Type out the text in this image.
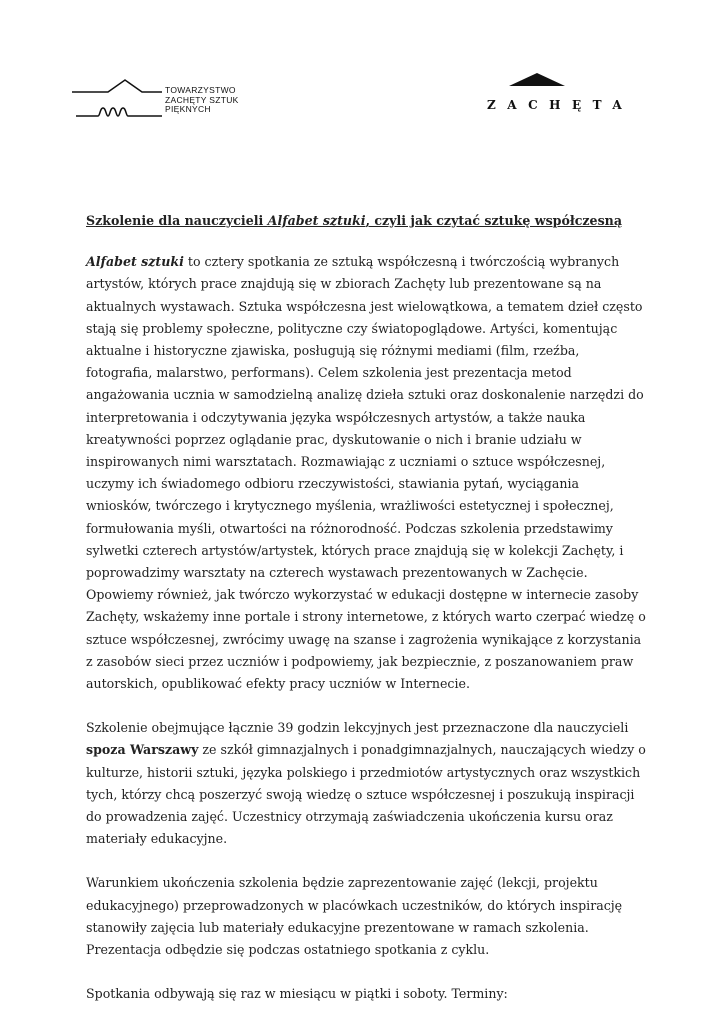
TOWARZYSTWO
ZACHĘTY SZTUK
PIĘKNYCH	ZACHĘTA
Szkolenie dla nauczycieli Alfabet sztuki, czyli jak czytać sztukę współczesną

Alfabet sztuki to cztery spotkania ze sztuką współczesną i twórczością wybranych artystów, których prace znajdują się w zbiorach Zachęty lub prezentowane są na aktualnych wystawach. Sztuka współczesna jest wielowątkowa, a tematem dzieł często stają się problemy społeczne, polityczne czy światopoglądowe. Artyści, komentując aktualne i historyczne zjawiska, posługują się różnymi mediami (film, rzeźba, fotografia, malarstwo, performans). Celem szkolenia jest prezentacja metod angażowania ucznia w samodzielną analizę dzieła sztuki oraz doskonalenie narzędzi do interpretowania i odczytywania języka współczesnych artystów, a także nauka kreatywności poprzez oglądanie prac, dyskutowanie o nich i branie udziału w inspirowanych nimi warsztatach. Rozmawiając z uczniami o sztuce współczesnej, uczymy ich świadomego odbioru rzeczywistości, stawiania pytań, wyciągania wniosków, twórczego i krytycznego myślenia, wrażliwości estetycznej i społecznej, formułowania myśli, otwartości na różnorodność. Podczas szkolenia przedstawimy sylwetki czterech artystów/artystek, których prace znajdują się w kolekcji Zachęty, i poprowadzimy warsztaty na czterech wystawach prezentowanych w Zachęcie. Opowiemy również, jak twórczo wykorzystać w edukacji dostępne w internecie zasoby Zachęty, wskażemy inne portale i strony internetowe, z których warto czerpać wiedzę o sztuce współczesnej, zwrócimy uwagę na szanse i zagrożenia wynikające z korzystania z zasobów sieci przez uczniów i podpowiemy, jak bezpiecznie, z poszanowaniem praw autorskich, opublikować efekty pracy uczniów w Internecie.

Szkolenie obejmujące łącznie 39 godzin lekcyjnych jest przeznaczone dla nauczycieli spoza Warszawy ze szkół gimnazjalnych i ponadgimnazjalnych, nauczających wiedzy o kulturze, historii sztuki, języka polskiego i przedmiotów artystycznych oraz wszystkich tych, którzy chcą poszerzyć swoją wiedzę o sztuce współczesnej i poszukują inspiracji do prowadzenia zajęć. Uczestnicy otrzymają zaświadczenia ukończenia kursu oraz materiały edukacyjne.

Warunkiem ukończenia szkolenia będzie zaprezentowanie zajęć (lekcji, projektu edukacyjnego) przeprowadzonych w placówkach uczestników, do których inspirację stanowiły zajęcia lub materiały edukacyjne prezentowane w ramach szkolenia. Prezentacja odbędzie się podczas ostatniego spotkania z cyklu.

Spotkania odbywają się raz w miesiącu w piątki i soboty. Terminy:
